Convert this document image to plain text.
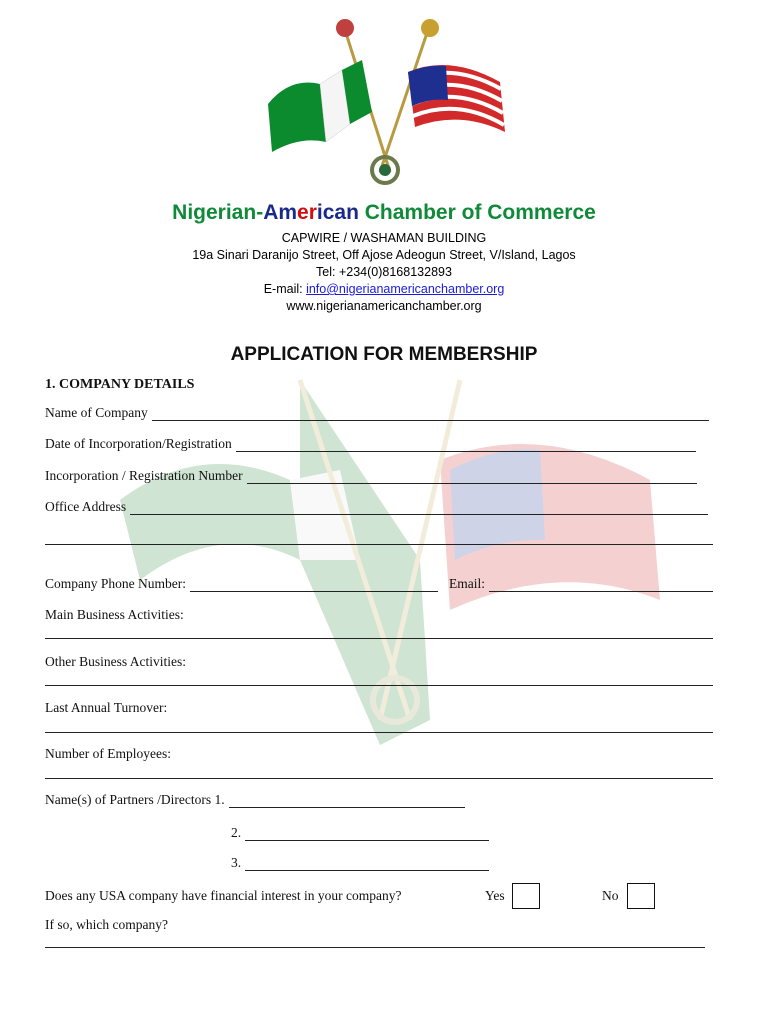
Nigerian-American Chamber of Commerce
CAPWIRE / WASHAMAN BUILDING
19a Sinari Daranijo Street, Off Ajose Adeogun Street, V/Island, Lagos
Tel: +234(0)8168132893
E-mail: info@nigerianamericanchamber.org
www.nigerianamericanchamber.org
APPLICATION FOR MEMBERSHIP
1. COMPANY DETAILS
Name of Company
Date of Incorporation/Registration
Incorporation / Registration Number
Office Address
Company Phone Number:	Email:
Main Business Activities:
Other Business Activities:
Last Annual Turnover:
Number of Employees:
Name(s) of Partners /Directors 1.
2.
3.
Does any USA company have financial interest in your company?	Yes	No
If so, which company?
